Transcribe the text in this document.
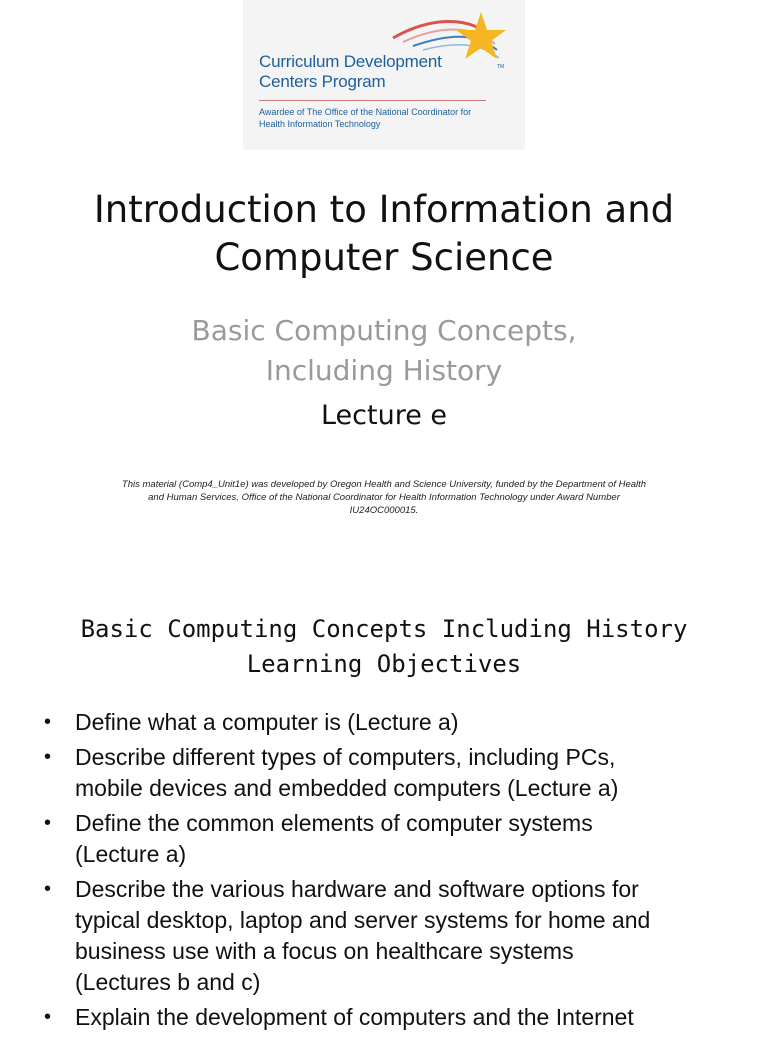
Curriculum Development
Centers Program
TM
Awardee of The Office of the National Coordinator for
Health Information Technology
Introduction to Information and
Computer Science
Basic Computing Concepts,
Including History
Lecture e
This material (Comp4_Unit1e) was developed by Oregon Health and Science University, funded by the Department of Health
and Human Services, Office of the National Coordinator for Health Information Technology under Award Number
IU24OC000015.
Basic Computing Concepts Including History
Learning Objectives
• Define what a computer is (Lecture a)
• Describe different types of computers, including PCs,
mobile devices and embedded computers (Lecture a)
• Define the common elements of computer systems
(Lecture a)
• Describe the various hardware and software options for
typical desktop, laptop and server systems for home and
business use with a focus on healthcare systems
(Lectures b and c)
• Explain the development of computers and the Internet
